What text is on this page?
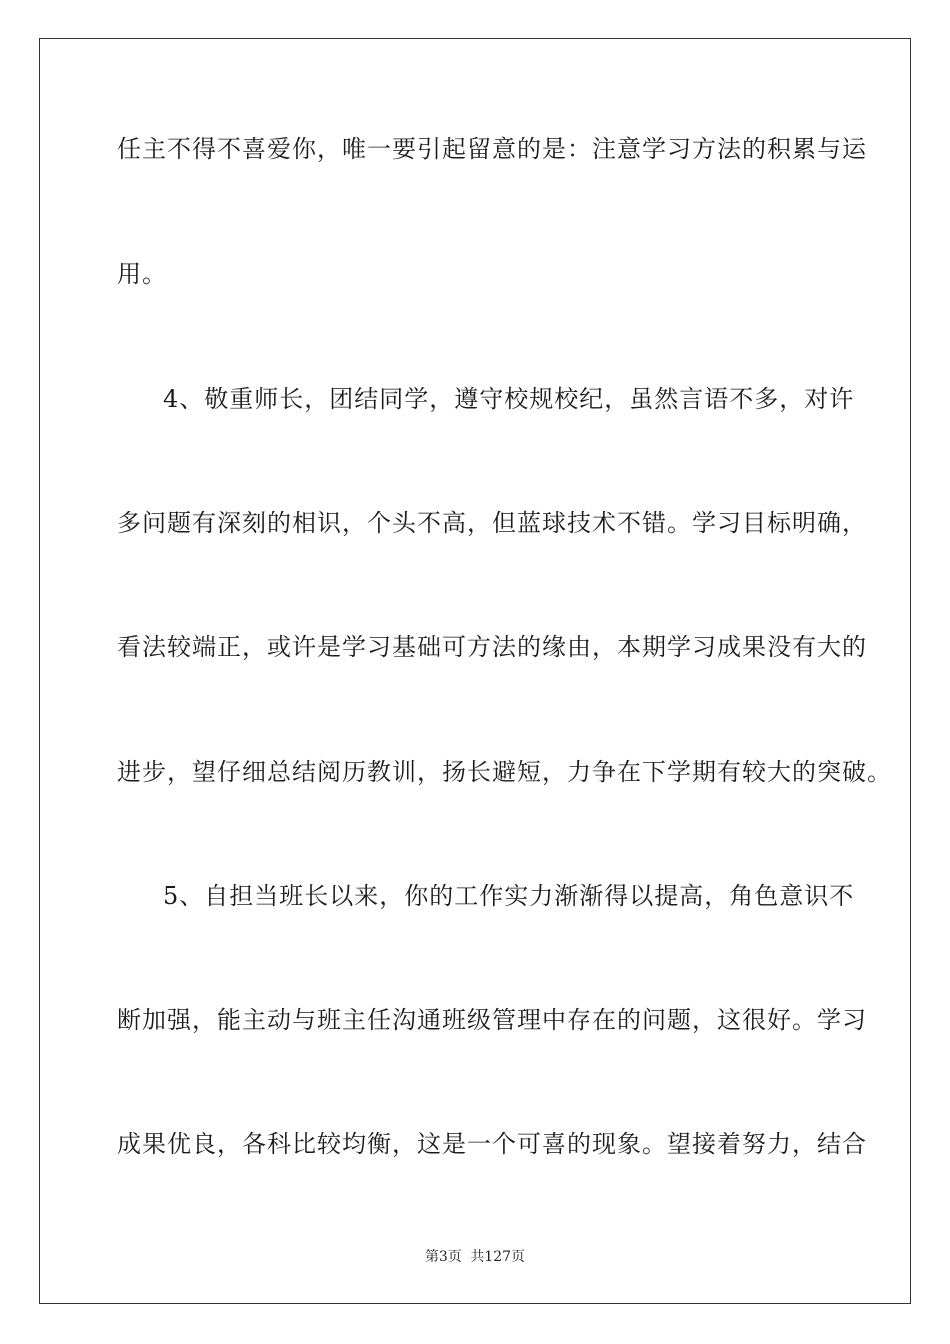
任主不得不喜爱你，唯一要引起留意的是：注意学习方法的积累与运
用。
4、敬重师长，团结同学，遵守校规校纪，虽然言语不多，对许
多问题有深刻的相识，个头不高，但蓝球技术不错。学习目标明确，
看法较端正，或许是学习基础可方法的缘由，本期学习成果没有大的
进步，望仔细总结阅历教训，扬长避短，力争在下学期有较大的突破。
5、自担当班长以来，你的工作实力渐渐得以提高，角色意识不
断加强，能主动与班主任沟通班级管理中存在的问题，这很好。学习
成果优良，各科比较均衡，这是一个可喜的现象。望接着努力，结合
第3页 共127页
